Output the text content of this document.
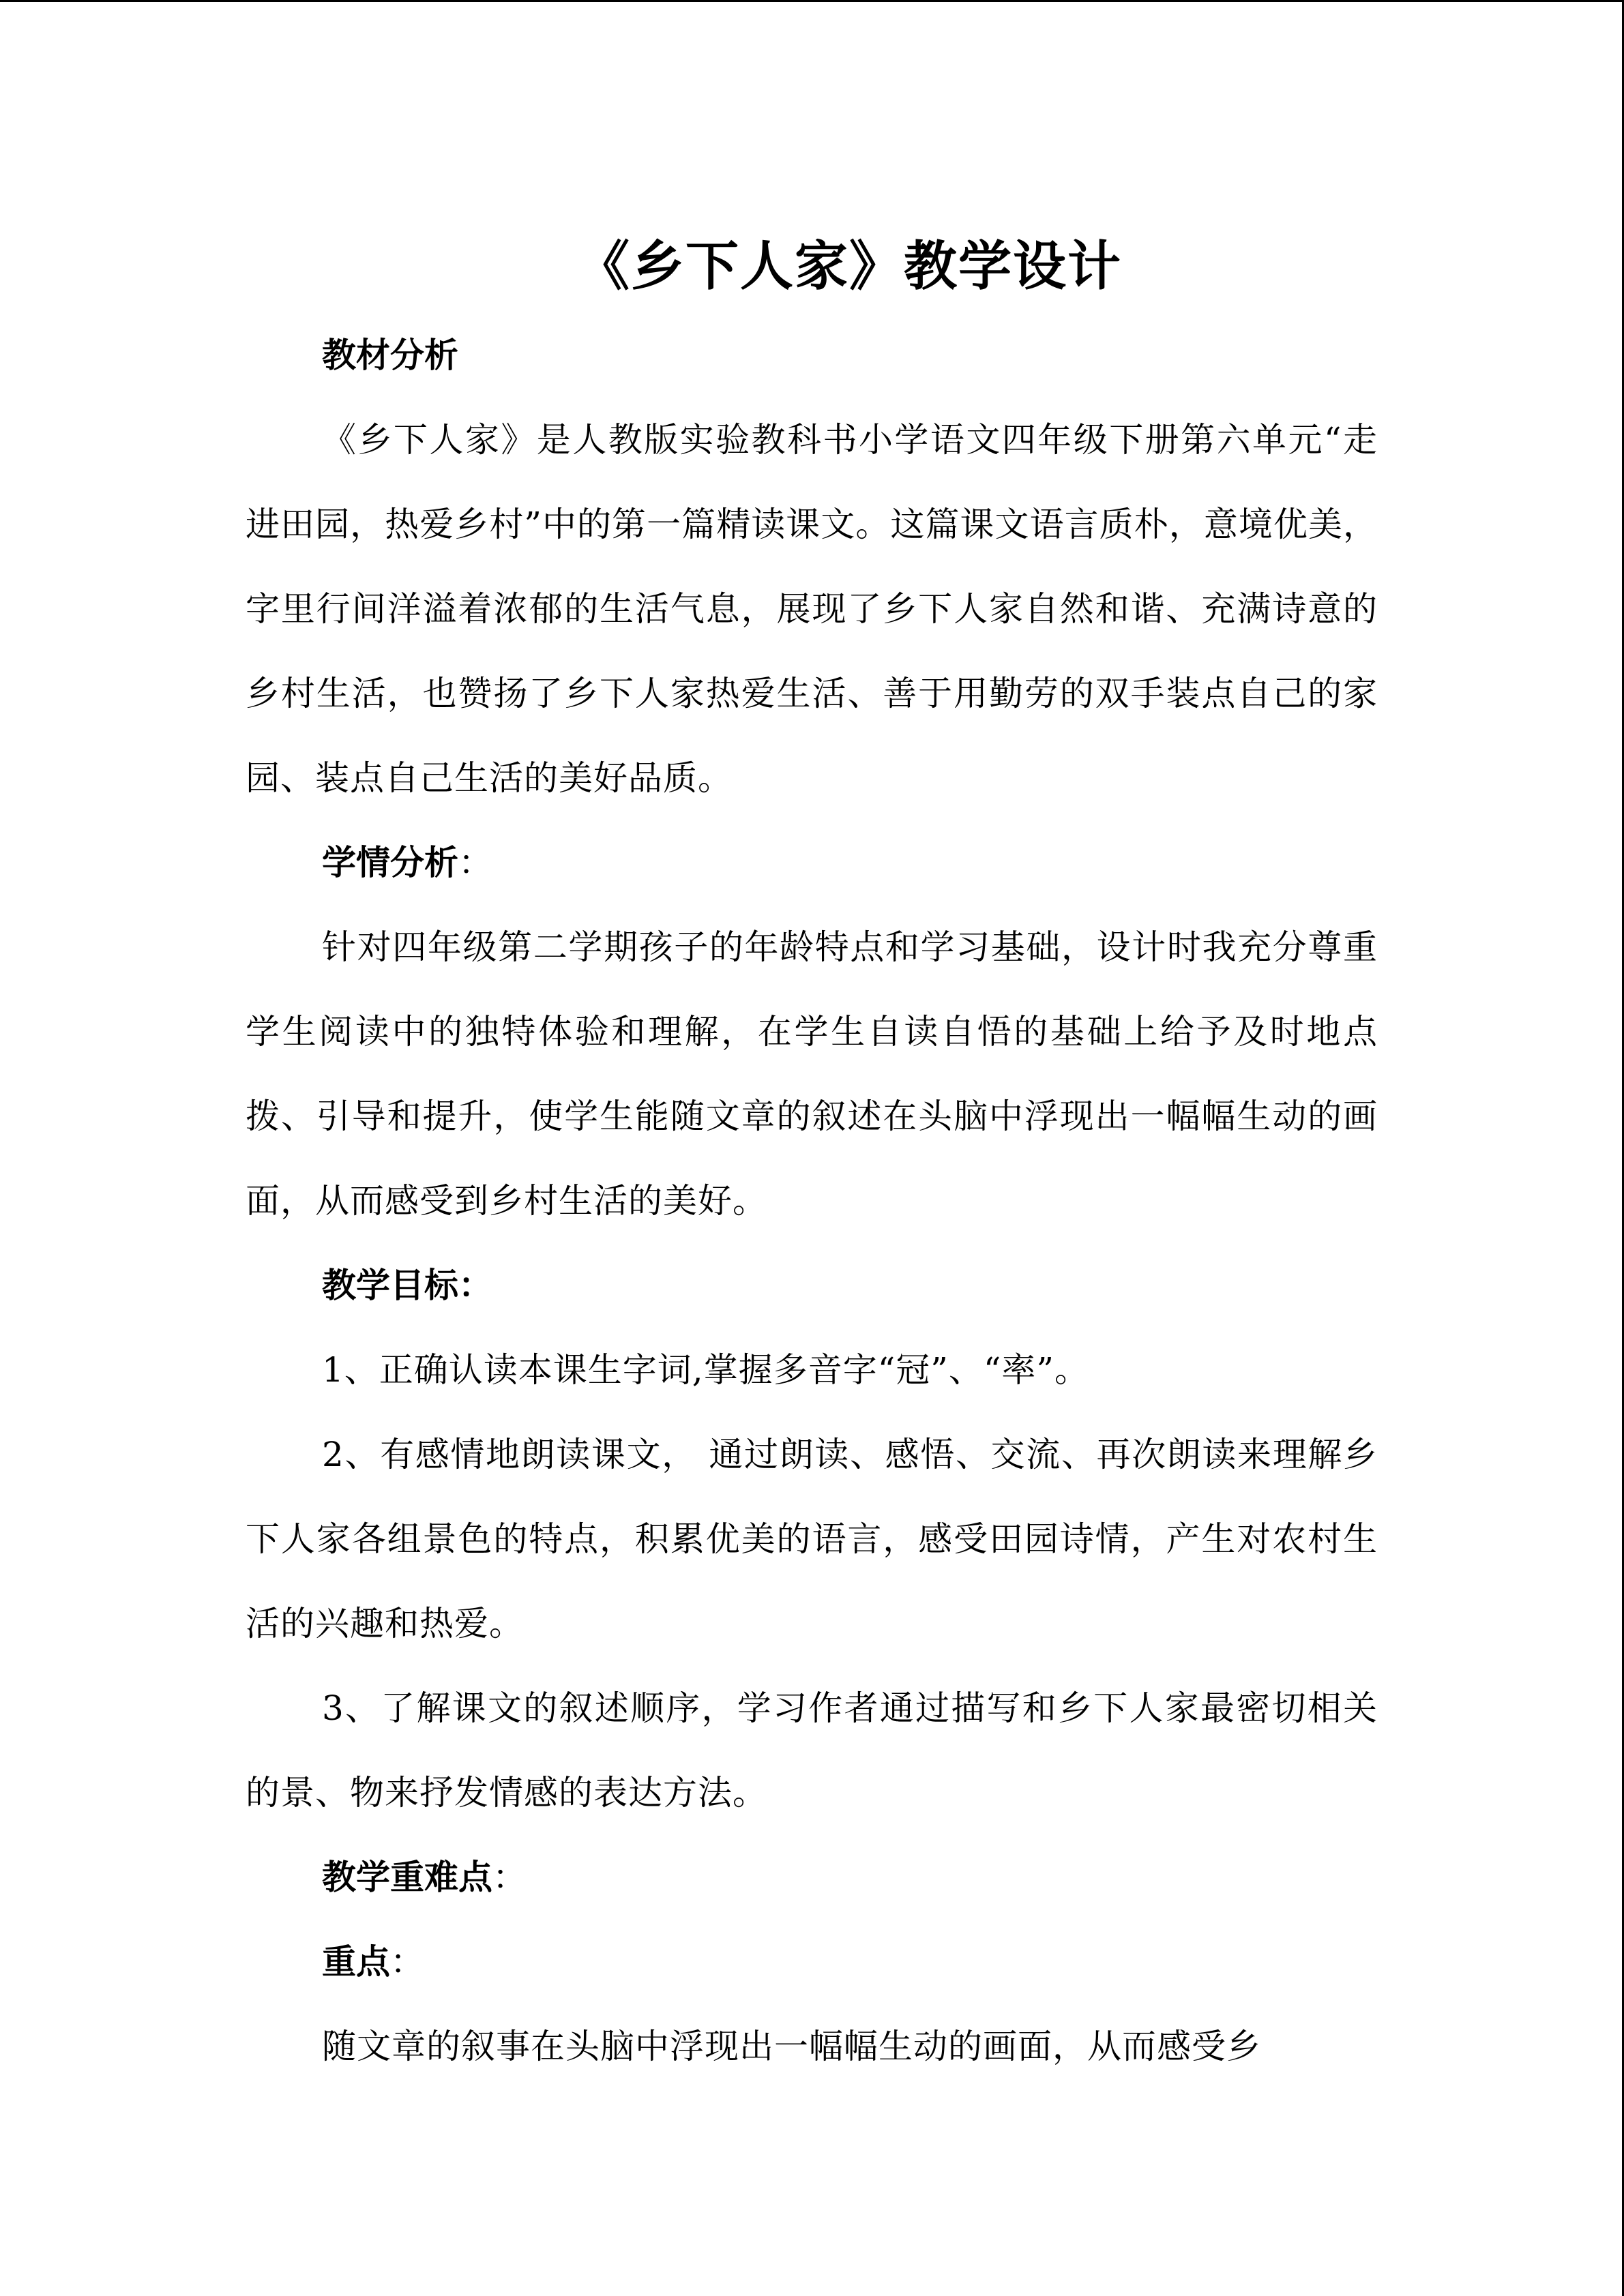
《乡下人家》教学设计
教材分析

《乡下人家》是人教版实验教科书小学语文四年级下册第六单元“走进田园，热爱乡村”中的第一篇精读课文。这篇课文语言质朴，意境优美，字里行间洋溢着浓郁的生活气息，展现了乡下人家自然和谐、充满诗意的乡村生活，也赞扬了乡下人家热爱生活、善于用勤劳的双手装点自己的家园、装点自己生活的美好品质。

学情分析：

针对四年级第二学期孩子的年龄特点和学习基础，设计时我充分尊重学生阅读中的独特体验和理解，在学生自读自悟的基础上给予及时地点拨、引导和提升，使学生能随文章的叙述在头脑中浮现出一幅幅生动的画面，从而感受到乡村生活的美好。

教学目标：

1、正确认读本课生字词,掌握多音字“冠”、“率”。

2、有感情地朗读课文， 通过朗读、感悟、交流、再次朗读来理解乡下人家各组景色的特点，积累优美的语言，感受田园诗情，产生对农村生活的兴趣和热爱。

3、了解课文的叙述顺序，学习作者通过描写和乡下人家最密切相关的景、物来抒发情感的表达方法。

教学重难点：
重点：

随文章的叙事在头脑中浮现出一幅幅生动的画面，从而感受乡
